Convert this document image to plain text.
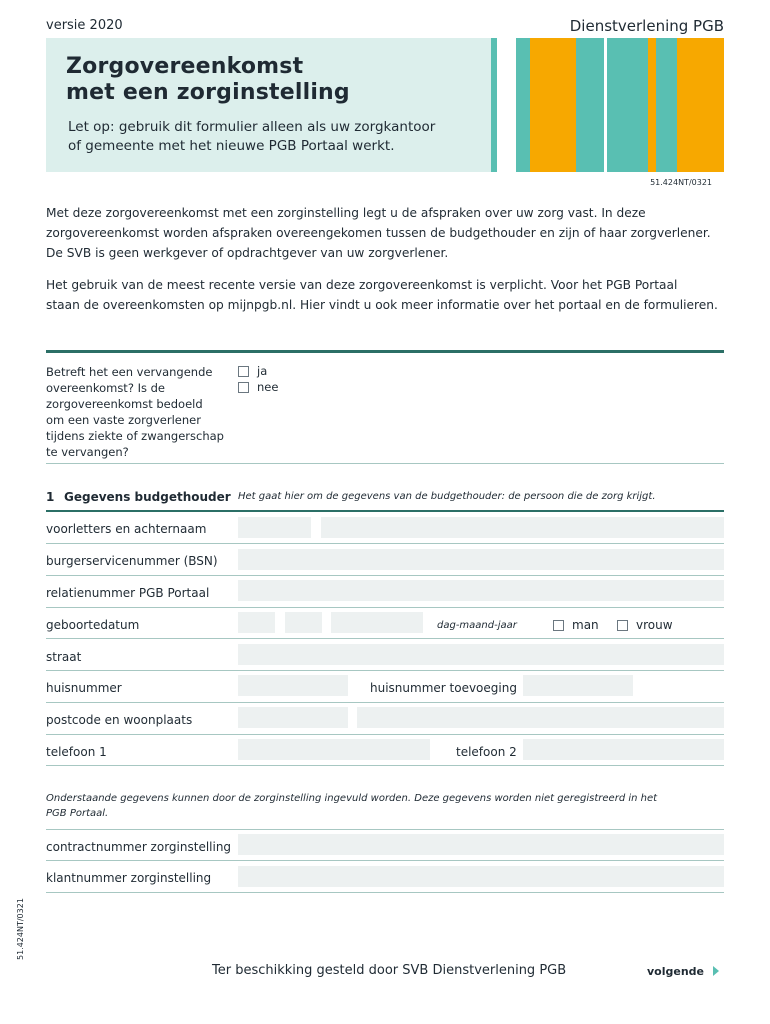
versie 2020	Dienstverlening PGB
Zorgovereenkomst
met een zorginstelling
Let op: gebruik dit formulier alleen als uw zorgkantoor
of gemeente met het nieuwe PGB Portaal werkt.
51.424NT/0321
Met deze zorgovereenkomst met een zorginstelling legt u de afspraken over uw zorg vast. In deze
zorgovereenkomst worden afspraken overeengekomen tussen de budgethouder en zijn of haar zorgverlener.
De SVB is geen werkgever of opdrachtgever van uw zorgverlener.
Het gebruik van de meest recente versie van deze zorgovereenkomst is verplicht. Voor het PGB Portaal
staan de overeenkomsten op mijnpgb.nl. Hier vindt u ook meer informatie over het portaal en de formulieren.
Betreft het een vervangende
overeenkomst? Is de
zorgovereenkomst bedoeld
om een vaste zorgverlener
tijdens ziekte of zwangerschap
te vervangen?
ja
nee
1 Gegevens budgethouder Het gaat hier om de gegevens van de budgethouder: de persoon die de zorg krijgt.
voorletters en achternaam
burgerservicenummer (BSN)
relatienummer PGB Portaal
geboortedatum	dag-maand-jaar	man	vrouw
straat
huisnummer	huisnummer toevoeging
postcode en woonplaats
telefoon 1	telefoon 2
Onderstaande gegevens kunnen door de zorginstelling ingevuld worden. Deze gegevens worden niet geregistreerd in het
PGB Portaal.
contractnummer zorginstelling
klantnummer zorginstelling
51.424NT/0321
Ter beschikking gesteld door SVB Dienstverlening PGB	volgende
